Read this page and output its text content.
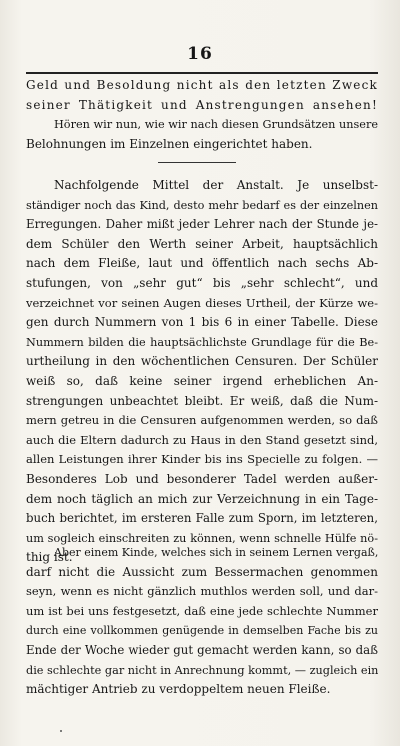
16
Geld und Besoldung nicht als den letzten Zweck
seiner Thätigkeit und Anstrengungen ansehen!
Hören wir nun, wie wir nach diesen Grundsätzen unsere
Belohnungen im Einzelnen eingerichtet haben.
Nachfolgende Mittel der Anstalt. Je unselbst-
ständiger noch das Kind, desto mehr bedarf es der einzelnen
Erregungen. Daher mißt jeder Lehrer nach der Stunde je-
dem Schüler den Werth seiner Arbeit, hauptsächlich
nach dem Fleiße, laut und öffentlich nach sechs Ab-
stufungen, von „sehr gut“ bis „sehr schlecht“, und
verzeichnet vor seinen Augen dieses Urtheil, der Kürze we-
gen durch Nummern von 1 bis 6 in einer Tabelle. Diese
Nummern bilden die hauptsächlichste Grundlage für die Be-
urtheilung in den wöchentlichen Censuren. Der Schüler
weiß so, daß keine seiner irgend erheblichen An-
strengungen unbeachtet bleibt. Er weiß, daß die Num-
mern getreu in die Censuren aufgenommen werden, so daß
auch die Eltern dadurch zu Haus in den Stand gesetzt sind,
allen Leistungen ihrer Kinder bis ins Specielle zu folgen. —
Besonderes Lob und besonderer Tadel werden außer-
dem noch täglich an mich zur Verzeichnung in ein Tage-
buch berichtet, im ersteren Falle zum Sporn, im letzteren,
um sogleich einschreiten zu können, wenn schnelle Hülfe nö-
thig ist.
Aber einem Kinde, welches sich in seinem Lernen vergaß,
darf nicht die Aussicht zum Bessermachen genommen
seyn, wenn es nicht gänzlich muthlos werden soll, und dar-
um ist bei uns festgesetzt, daß eine jede schlechte Nummer
durch eine vollkommen genügende in demselben Fache bis zu
Ende der Woche wieder gut gemacht werden kann, so daß
die schlechte gar nicht in Anrechnung kommt, — zugleich ein
mächtiger Antrieb zu verdoppeltem neuen Fleiße.
